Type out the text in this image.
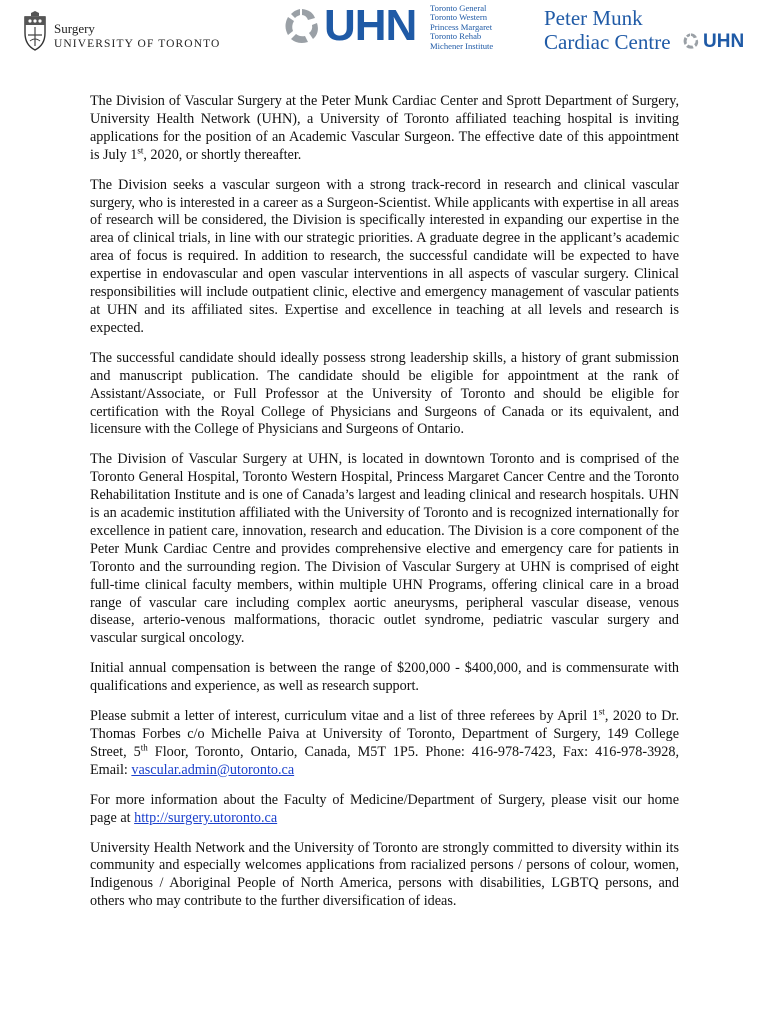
Surgery
UNIVERSITY OF TORONTO UHN Toronto General
Toronto Western
Princess Margaret
Toronto Rehab
Michener Institute
Peter Munk
Cardiac Centre UHN

The Division of Vascular Surgery at the Peter Munk Cardiac Center and Sprott Department of Surgery, University Health Network (UHN), a University of Toronto affiliated teaching hospital is inviting applications for the position of an Academic Vascular Surgeon. The effective date of this appointment is July 1st, 2020, or shortly thereafter.

The Division seeks a vascular surgeon with a strong track-record in research and clinical vascular surgery, who is interested in a career as a Surgeon-Scientist. While applicants with expertise in all areas of research will be considered, the Division is specifically interested in expanding our expertise in the area of clinical trials, in line with our strategic priorities. A graduate degree in the applicant’s academic area of focus is required. In addition to research, the successful candidate will be expected to have expertise in endovascular and open vascular interventions in all aspects of vascular surgery. Clinical responsibilities will include outpatient clinic, elective and emergency management of vascular patients at UHN and its affiliated sites. Expertise and excellence in teaching at all levels and research is expected.

The successful candidate should ideally possess strong leadership skills, a history of grant submission and manuscript publication. The candidate should be eligible for appointment at the rank of Assistant/Associate, or Full Professor at the University of Toronto and should be eligible for certification with the Royal College of Physicians and Surgeons of Canada or its equivalent, and licensure with the College of Physicians and Surgeons of Ontario.

The Division of Vascular Surgery at UHN, is located in downtown Toronto and is comprised of the Toronto General Hospital, Toronto Western Hospital, Princess Margaret Cancer Centre and the Toronto Rehabilitation Institute and is one of Canada’s largest and leading clinical and research hospitals. UHN is an academic institution affiliated with the University of Toronto and is recognized internationally for excellence in patient care, innovation, research and education. The Division is a core component of the Peter Munk Cardiac Centre and provides comprehensive elective and emergency care for patients in Toronto and the surrounding region. The Division of Vascular Surgery at UHN is comprised of eight full-time clinical faculty members, within multiple UHN Programs, offering clinical care in a broad range of vascular care including complex aortic aneurysms, peripheral vascular disease, venous disease, arterio-venous malformations, thoracic outlet syndrome, pediatric vascular surgery and vascular surgical oncology.

Initial annual compensation is between the range of $200,000 - $400,000, and is commensurate with qualifications and experience, as well as research support.

Please submit a letter of interest, curriculum vitae and a list of three referees by April 1st, 2020 to Dr. Thomas Forbes c/o Michelle Paiva at University of Toronto, Department of Surgery, 149 College Street, 5th Floor, Toronto, Ontario, Canada, M5T 1P5. Phone: 416-978-7423, Fax: 416-978-3928, Email: vascular.admin@utoronto.ca

For more information about the Faculty of Medicine/Department of Surgery, please visit our home page at http://surgery.utoronto.ca

University Health Network and the University of Toronto are strongly committed to diversity within its community and especially welcomes applications from racialized persons / persons of colour, women, Indigenous / Aboriginal People of North America, persons with disabilities, LGBTQ persons, and others who may contribute to the further diversification of ideas.
